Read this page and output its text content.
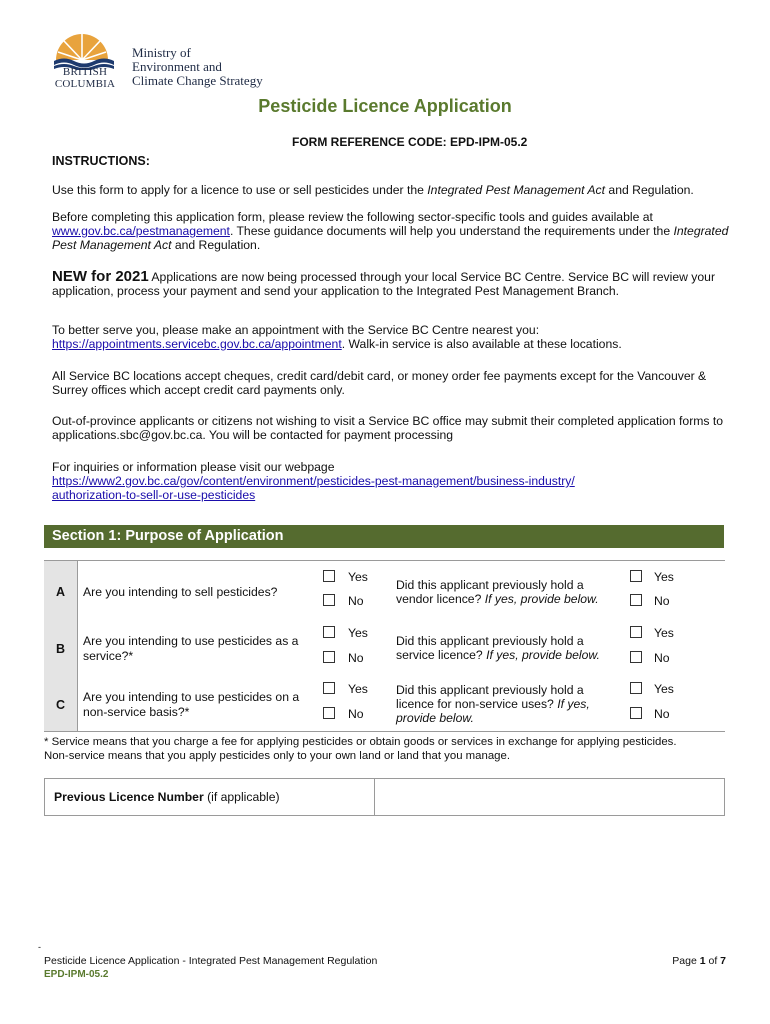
BRITISH
COLUMBIA
Ministry of
Environment and
Climate Change Strategy
Pesticide Licence Application
FORM REFERENCE CODE: EPD-IPM-05.2
INSTRUCTIONS:
Use this form to apply for a licence to use or sell pesticides under the Integrated Pest Management Act and Regulation.
Before completing this application form, please review the following sector-specific tools and guides available at www.gov.bc.ca/pestmanagement. These guidance documents will help you understand the requirements under the Integrated Pest Management Act and Regulation.
NEW for 2021 Applications are now being processed through your local Service BC Centre. Service BC will review your application, process your payment and send your application to the Integrated Pest Management Branch.
To better serve you, please make an appointment with the Service BC Centre nearest you: https://appointments.servicebc.gov.bc.ca/appointment. Walk-in service is also available at these locations.
All Service BC locations accept cheques, credit card/debit card, or money order fee payments except for the Vancouver & Surrey offices which accept credit card payments only.
Out-of-province applicants or citizens not wishing to visit a Service BC office may submit their completed application forms to applications.sbc@gov.bc.ca. You will be contacted for payment processing
For inquiries or information please visit our webpage
https://www2.gov.bc.ca/gov/content/environment/pesticides-pest-management/business-industry/
authorization-to-sell-or-use-pesticides
Section 1: Purpose of Application
A	Are you intending to sell pesticides?
Yes
No
Did this applicant previously hold a vendor licence? If yes, provide below.
Yes
No
B
Are you intending to use pesticides as a service?*
Yes
No
Did this applicant previously hold a service licence? If yes, provide below.
Yes
No
C
Are you intending to use pesticides on a non-service basis?*
Yes
No
Did this applicant previously hold a licence for non-service uses? If yes, provide below.
Yes
No
* Service means that you charge a fee for applying pesticides or obtain goods or services in exchange for applying pesticides.
Non-service means that you apply pesticides only to your own land or land that you manage.
Previous Licence Number (if applicable)
-
Pesticide Licence Application - Integrated Pest Management Regulation
EPD-IPM-05.2
Page 1 of 7
